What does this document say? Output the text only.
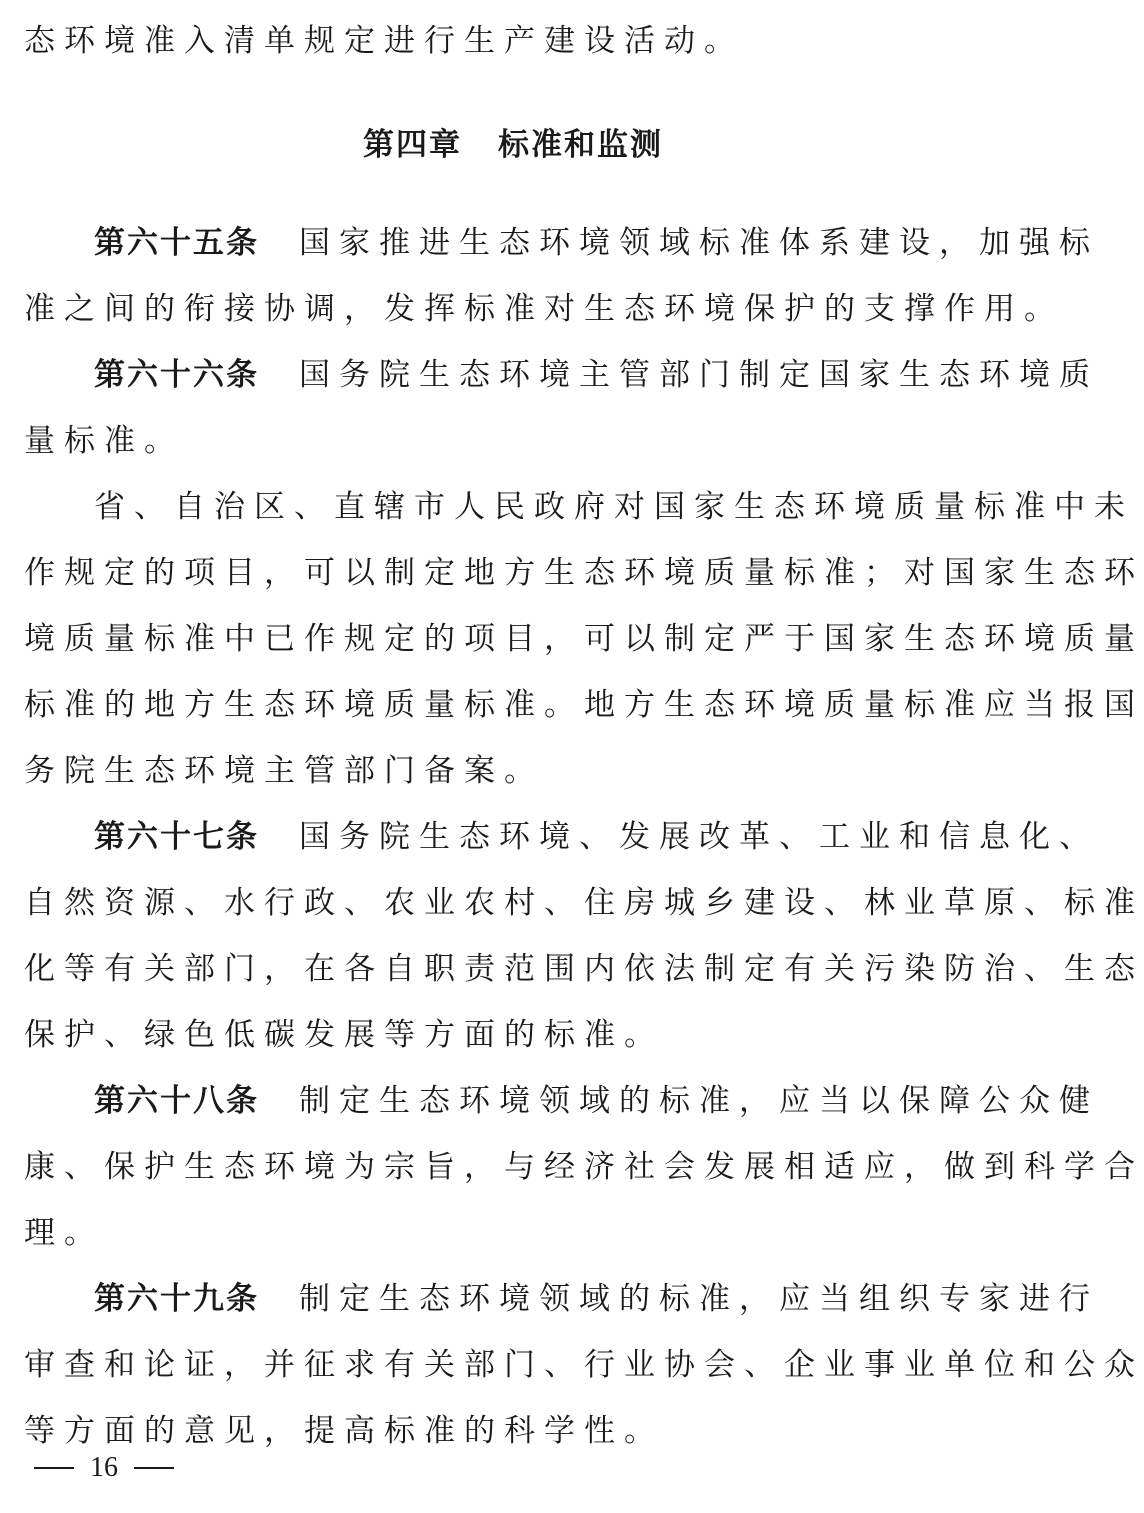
态环境准入清单规定进行生产建设活动。
第四章 标准和监测
第六十五条 国家推进生态环境领域标准体系建设，加强标
准之间的衔接协调，发挥标准对生态环境保护的支撑作用。
第六十六条 国务院生态环境主管部门制定国家生态环境质
量标准。
省、自治区、直辖市人民政府对国家生态环境质量标准中未
作规定的项目，可以制定地方生态环境质量标准；对国家生态环
境质量标准中已作规定的项目，可以制定严于国家生态环境质量
标准的地方生态环境质量标准。地方生态环境质量标准应当报国
务院生态环境主管部门备案。
第六十七条 国务院生态环境、发展改革、工业和信息化、
自然资源、水行政、农业农村、住房城乡建设、林业草原、标准
化等有关部门，在各自职责范围内依法制定有关污染防治、生态
保护、绿色低碳发展等方面的标准。
第六十八条 制定生态环境领域的标准，应当以保障公众健
康、保护生态环境为宗旨，与经济社会发展相适应，做到科学合
理。
第六十九条 制定生态环境领域的标准，应当组织专家进行
审查和论证，并征求有关部门、行业协会、企业事业单位和公众
等方面的意见，提高标准的科学性。
16
